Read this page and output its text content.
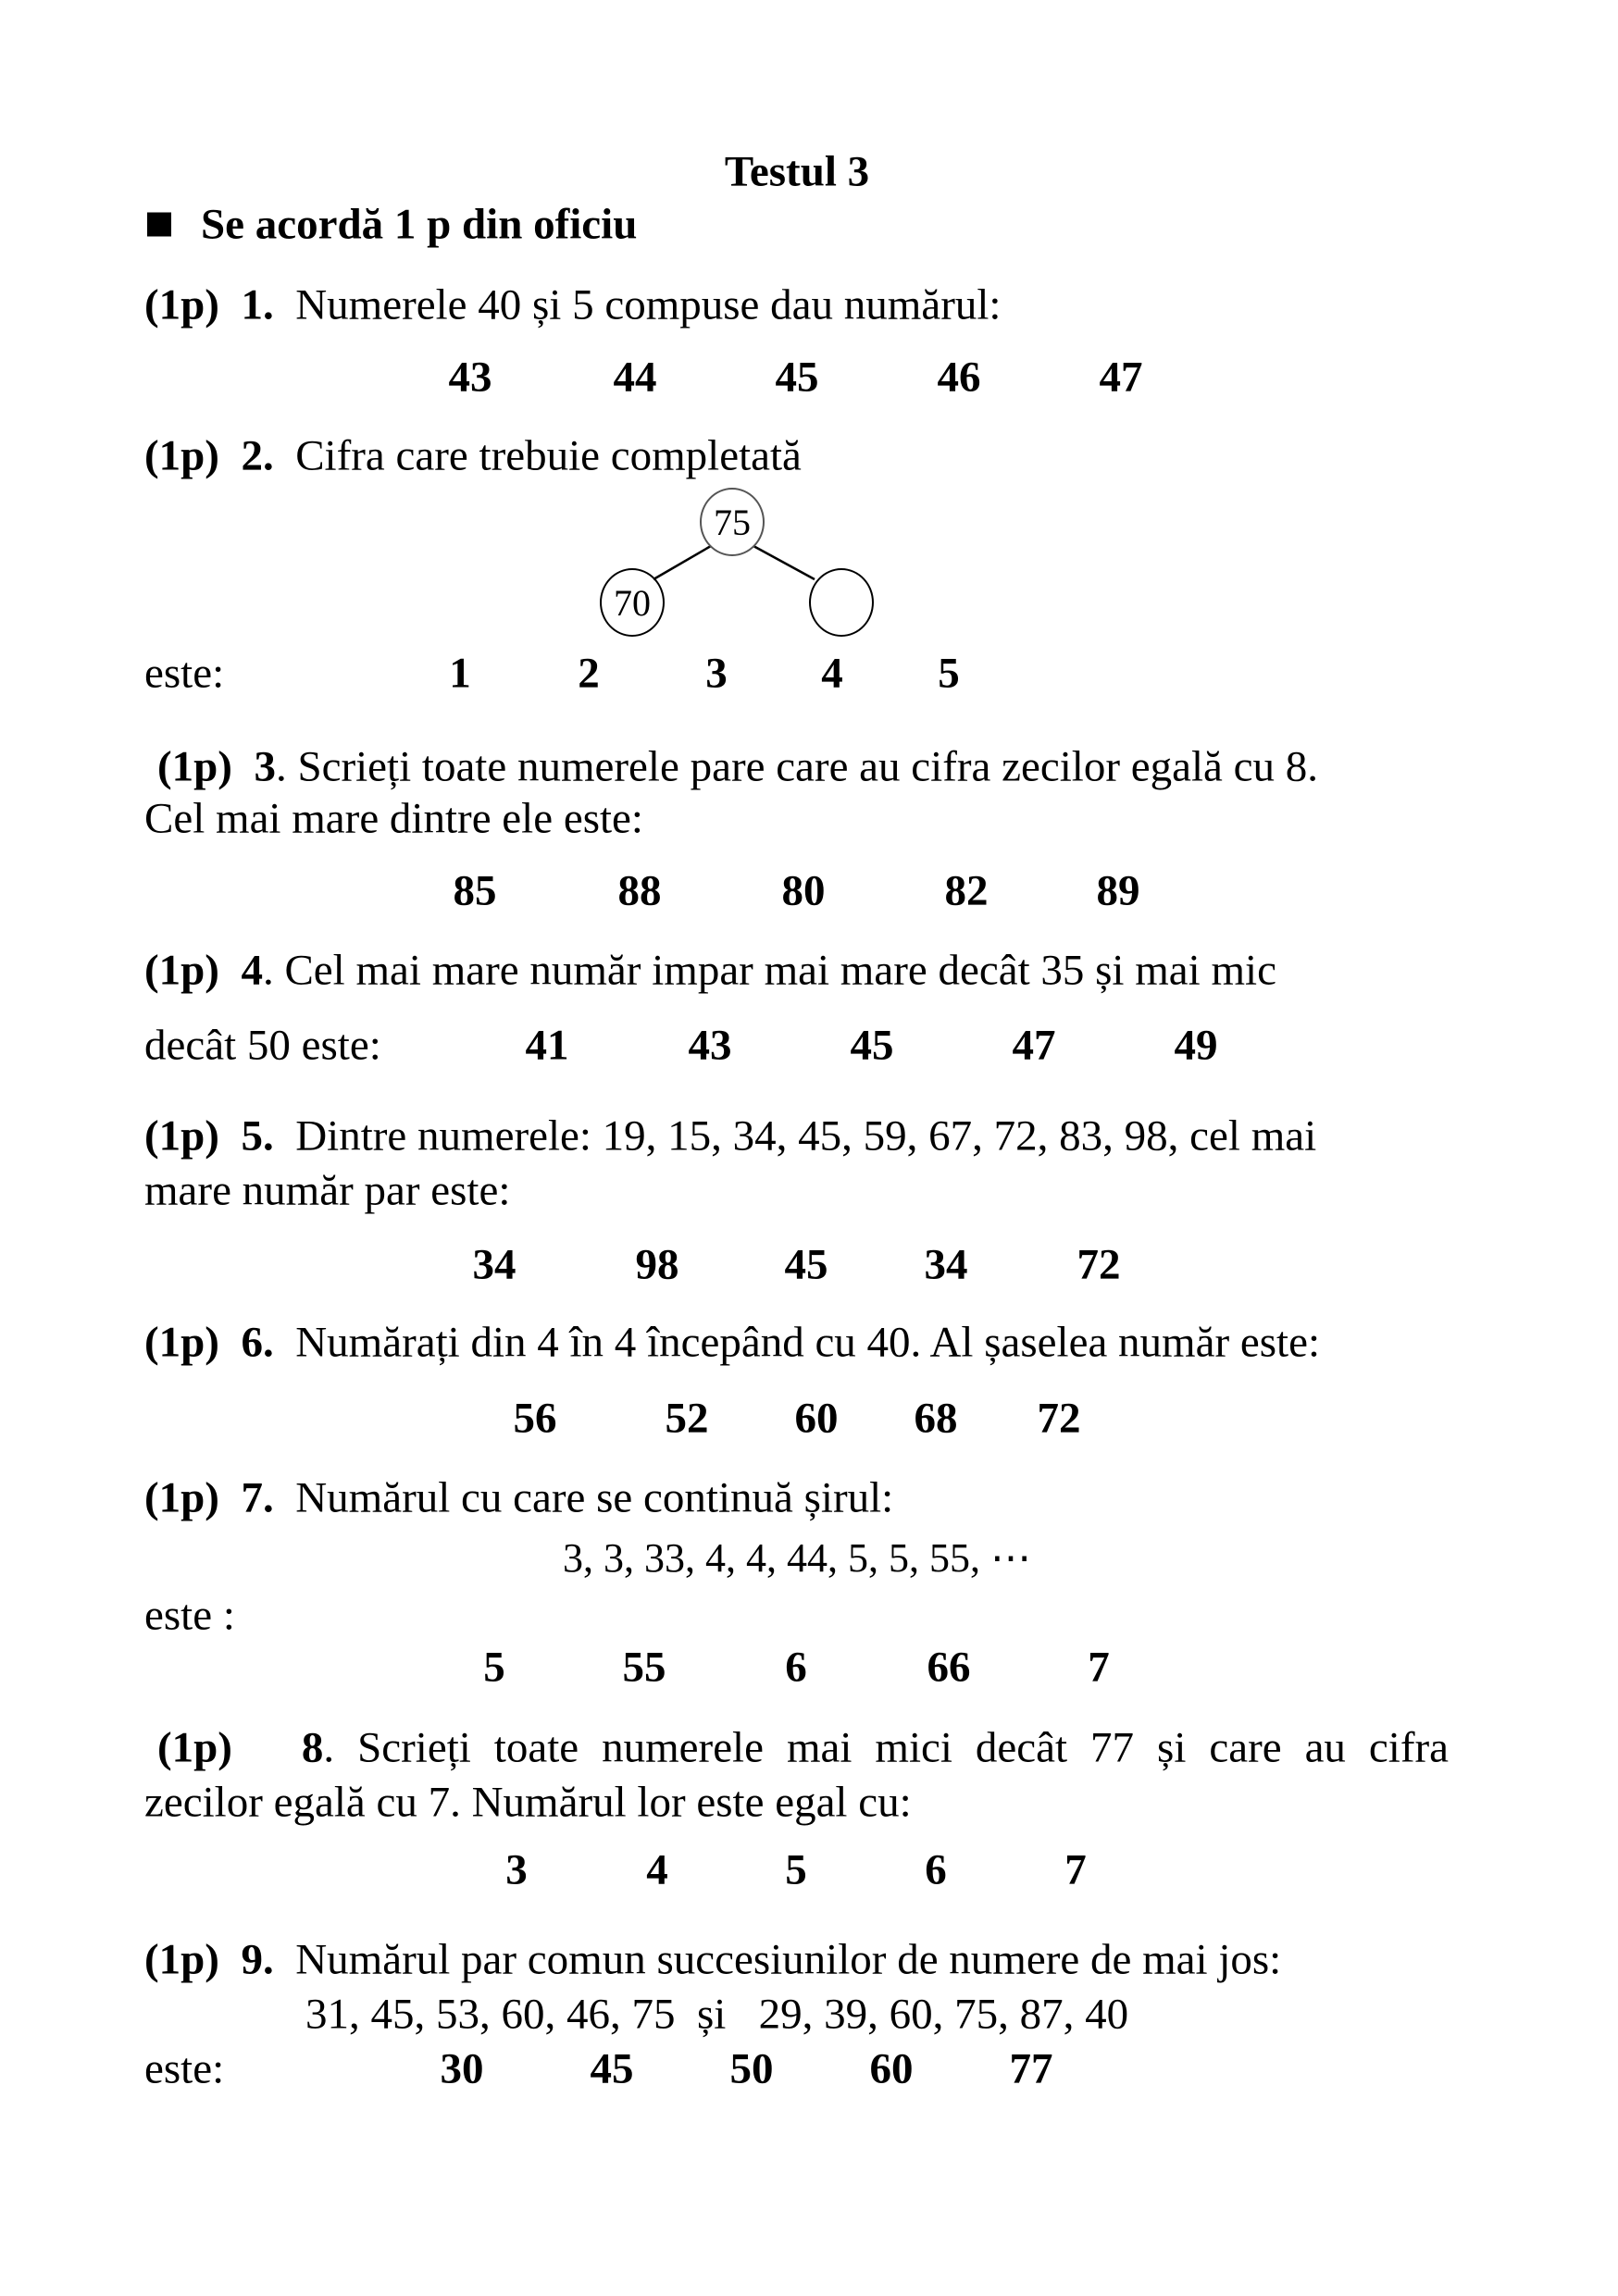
Testul 3
Se acordă 1 p din oficiu
(1p) 1. Numerele 40 și 5 compuse dau numărul:
43	44	45	46	47
(1p) 2. Cifra care trebuie completată
75
70
este:	1 2 3 4 5
(1p) 3. Scrieți toate numerele pare care au cifra zecilor egală cu 8.
Cel mai mare dintre ele este:
85	88	80	82 89
(1p) 4. Cel mai mare număr impar mai mare decât 35 și mai mic
decât 50 este:	41	43	45	47	49
(1p) 5. Dintre numerele: 19, 15, 34, 45, 59, 67, 72, 83, 98, cel mai
mare număr par este:
34	98 45 34	72
(1p) 6. Numărați din 4 în 4 începând cu 40. Al șaselea număr este:
56 52 60 68 72
(1p) 7. Numărul cu care se continuă șirul:
3, 3, 33, 4, 4, 44, 5, 5, 55, ⋯
este :
5	55	6	66	7
(1p) 8. Scrieți toate numerele mai mici decât 77 și care au cifra
zecilor egală cu 7. Numărul lor este egal cu:
3	4	5	6	7
(1p) 9. Numărul par comun succesiunilor de numere de mai jos:
31, 45, 53, 60, 46, 75  și   29, 39, 60, 75, 87, 40
este:	30 45 50 60 77
